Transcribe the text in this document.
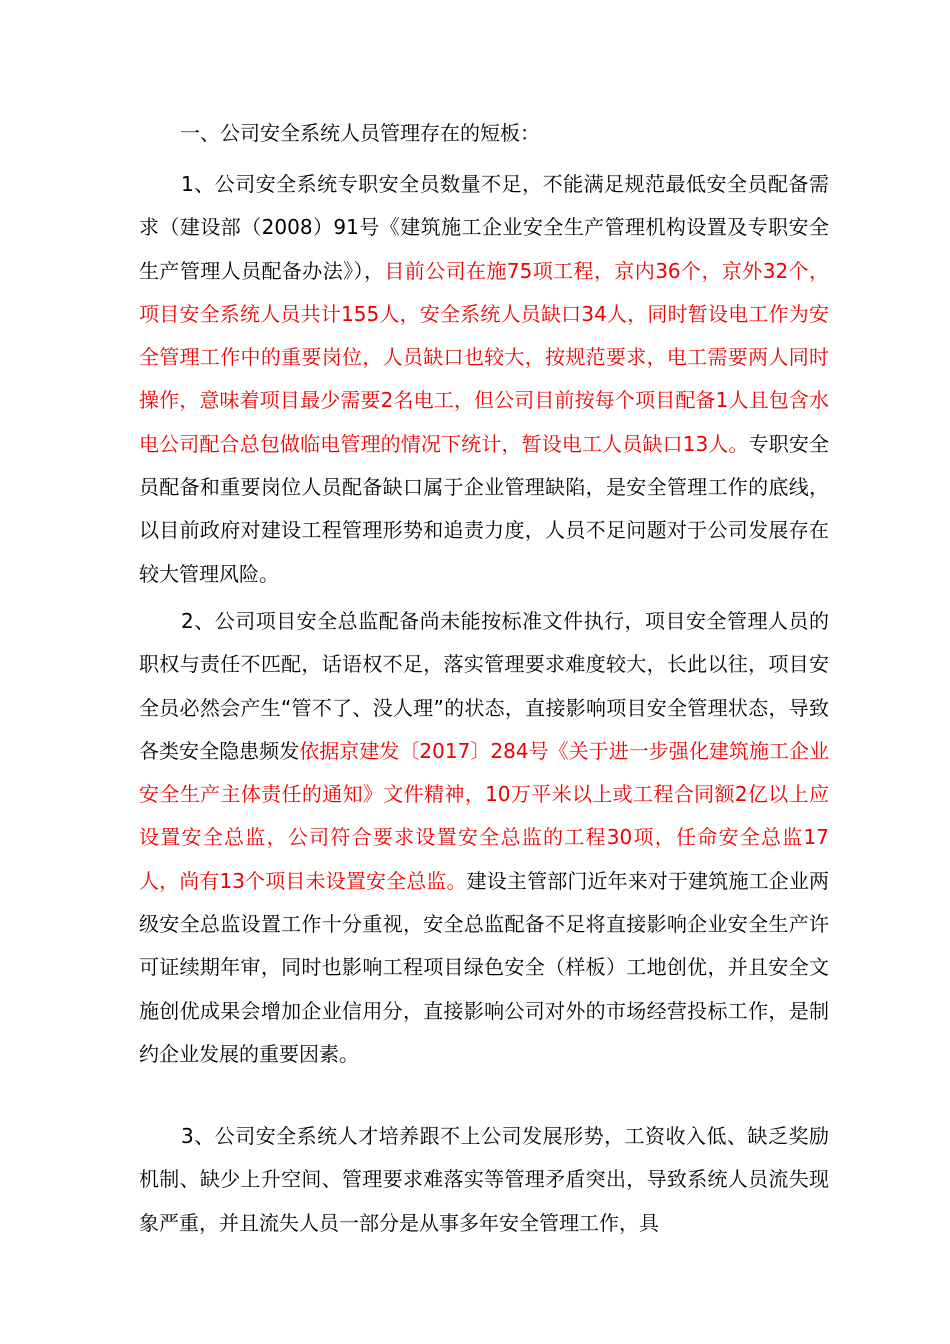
一、公司安全系统人员管理存在的短板：

1、公司安全系统专职安全员数量不足，不能满足规范最低安全员配备需求（建设部（2008）91号《建筑施工企业安全生产管理机构设置及专职安全生产管理人员配备办法》），目前公司在施75项工程，京内36个，京外32个，项目安全系统人员共计155人，安全系统人员缺口34人，同时暂设电工作为安全管理工作中的重要岗位，人员缺口也较大，按规范要求，电工需要两人同时操作，意味着项目最少需要2名电工，但公司目前按每个项目配备1人且包含水电公司配合总包做临电管理的情况下统计，暂设电工人员缺口13人。专职安全员配备和重要岗位人员配备缺口属于企业管理缺陷，是安全管理工作的底线，以目前政府对建设工程管理形势和追责力度，人员不足问题对于公司发展存在较大管理风险。

2、公司项目安全总监配备尚未能按标准文件执行，项目安全管理人员的职权与责任不匹配，话语权不足，落实管理要求难度较大，长此以往，项目安全员必然会产生“管不了、没人理”的状态，直接影响项目安全管理状态，导致各类安全隐患频发依据京建发〔2017〕284号《关于进一步强化建筑施工企业安全生产主体责任的通知》文件精神，10万平米以上或工程合同额2亿以上应设置安全总监，公司符合要求设置安全总监的工程30项，任命安全总监17人，尚有13个项目未设置安全总监。建设主管部门近年来对于建筑施工企业两级安全总监设置工作十分重视，安全总监配备不足将直接影响企业安全生产许可证续期年审，同时也影响工程项目绿色安全（样板）工地创优，并且安全文施创优成果会增加企业信用分，直接影响公司对外的市场经营投标工作，是制约企业发展的重要因素。

3、公司安全系统人才培养跟不上公司发展形势，工资收入低、缺乏奖励机制、缺少上升空间、管理要求难落实等管理矛盾突出，导致系统人员流失现象严重，并且流失人员一部分是从事多年安全管理工作，具
